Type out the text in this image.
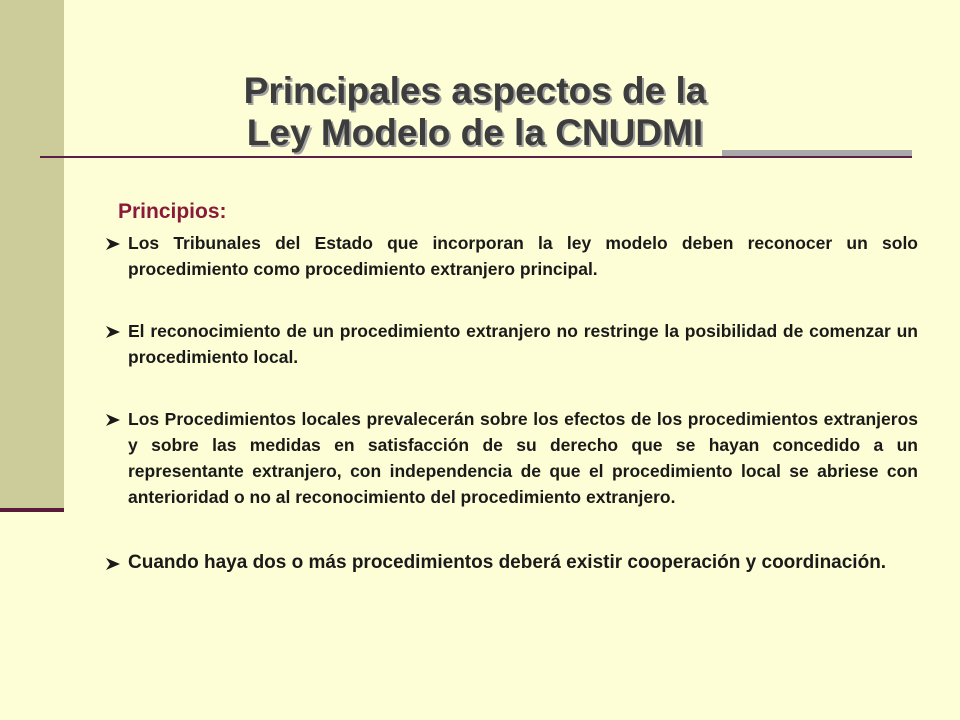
Principales aspectos de la
Ley Modelo de la CNUDMI
Principios:
Los Tribunales del Estado que incorporan la ley modelo deben reconocer un solo procedimiento como procedimiento extranjero principal.
El reconocimiento de un procedimiento extranjero no restringe la posibilidad de comenzar un procedimiento local.
Los Procedimientos locales prevalecerán sobre los efectos de los procedimientos extranjeros y sobre las medidas en satisfacción de su derecho que se hayan concedido a un representante extranjero, con independencia de que el procedimiento local se abriese con anterioridad o no al reconocimiento del procedimiento extranjero.
Cuando haya dos o más procedimientos deberá existir cooperación y coordinación.
